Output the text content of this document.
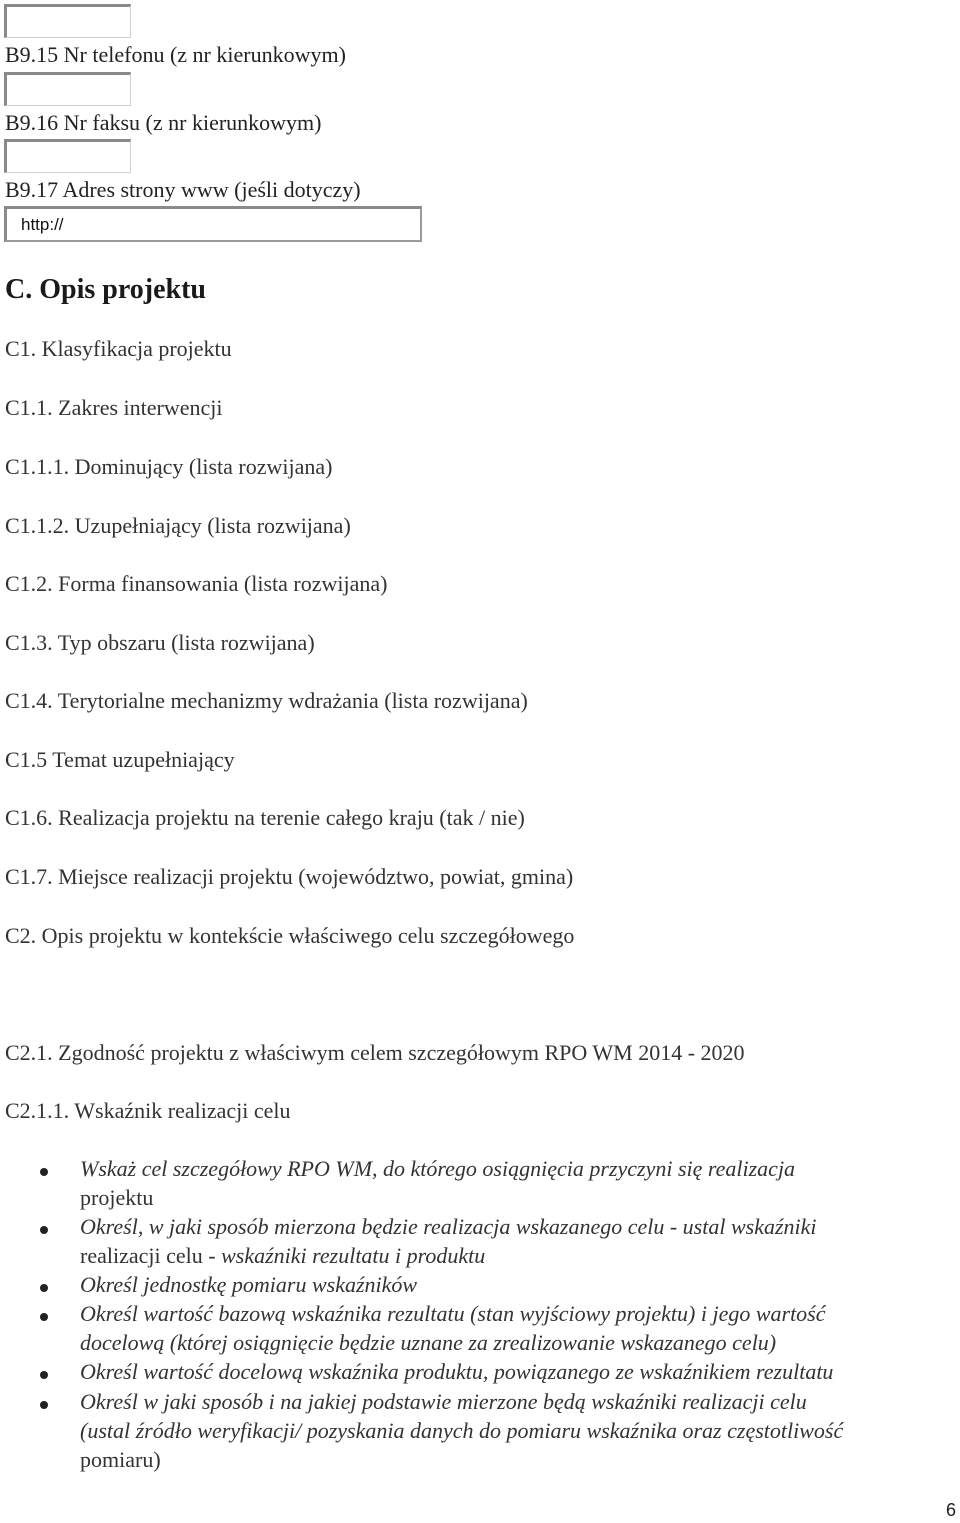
B9.15 Nr telefonu (z nr kierunkowym)
B9.16 Nr faksu (z nr kierunkowym)
B9.17 Adres strony www (jeśli dotyczy)
http://
C. Opis projektu
C1. Klasyfikacja projektu
C1.1. Zakres interwencji
C1.1.1. Dominujący (lista rozwijana)
C1.1.2. Uzupełniający (lista rozwijana)
C1.2. Forma finansowania (lista rozwijana)
C1.3. Typ obszaru (lista rozwijana)
C1.4. Terytorialne mechanizmy wdrażania (lista rozwijana)
C1.5 Temat uzupełniający
C1.6. Realizacja projektu na terenie całego kraju (tak / nie)
C1.7. Miejsce realizacji projektu (województwo, powiat, gmina)
C2. Opis projektu w kontekście właściwego celu szczegółowego
C2.1. Zgodność projektu z właściwym celem szczegółowym RPO WM 2014 - 2020
C2.1.1. Wskaźnik realizacji celu
Wskaż cel szczegółowy RPO WM, do którego osiągnięcia przyczyni się realizacja
projektu
Określ, w jaki sposób mierzona będzie realizacja wskazanego celu - ustal wskaźniki
realizacji celu - wskaźniki rezultatu i produktu
Określ jednostkę pomiaru wskaźników
Określ wartość bazową wskaźnika rezultatu (stan wyjściowy projektu) i jego wartość
docelową (której osiągnięcie będzie uznane za zrealizowanie wskazanego celu)
Określ wartość docelową wskaźnika produktu, powiązanego ze wskaźnikiem rezultatu
Określ w jaki sposób i na jakiej podstawie mierzone będą wskaźniki realizacji celu
(ustal źródło weryfikacji/ pozyskania danych do pomiaru wskaźnika oraz częstotliwość
pomiaru)
6
